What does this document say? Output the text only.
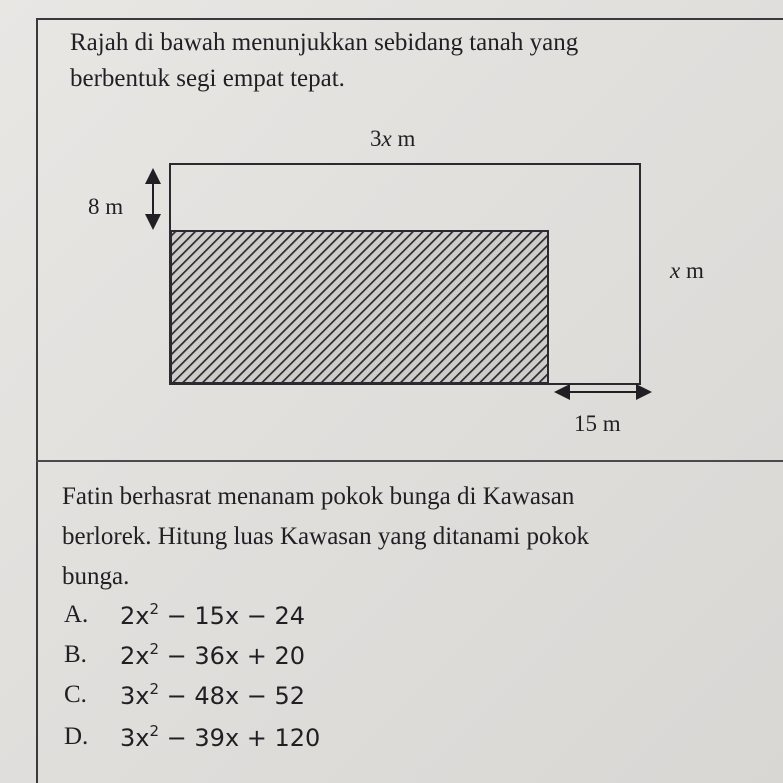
Rajah di bawah menunjukkan sebidang tanah yang
berbentuk segi empat tepat.
3x m
8 m
x m
15 m
Fatin berhasrat menanam pokok bunga di Kawasan
berlorek. Hitung luas Kawasan yang ditanami pokok
bunga.
A. $2x^2 - 15x - 24$
B. $2x^2 - 36x + 20$
C. $3x^2 - 48x - 52$
D. $3x^2 - 39x + 120$
